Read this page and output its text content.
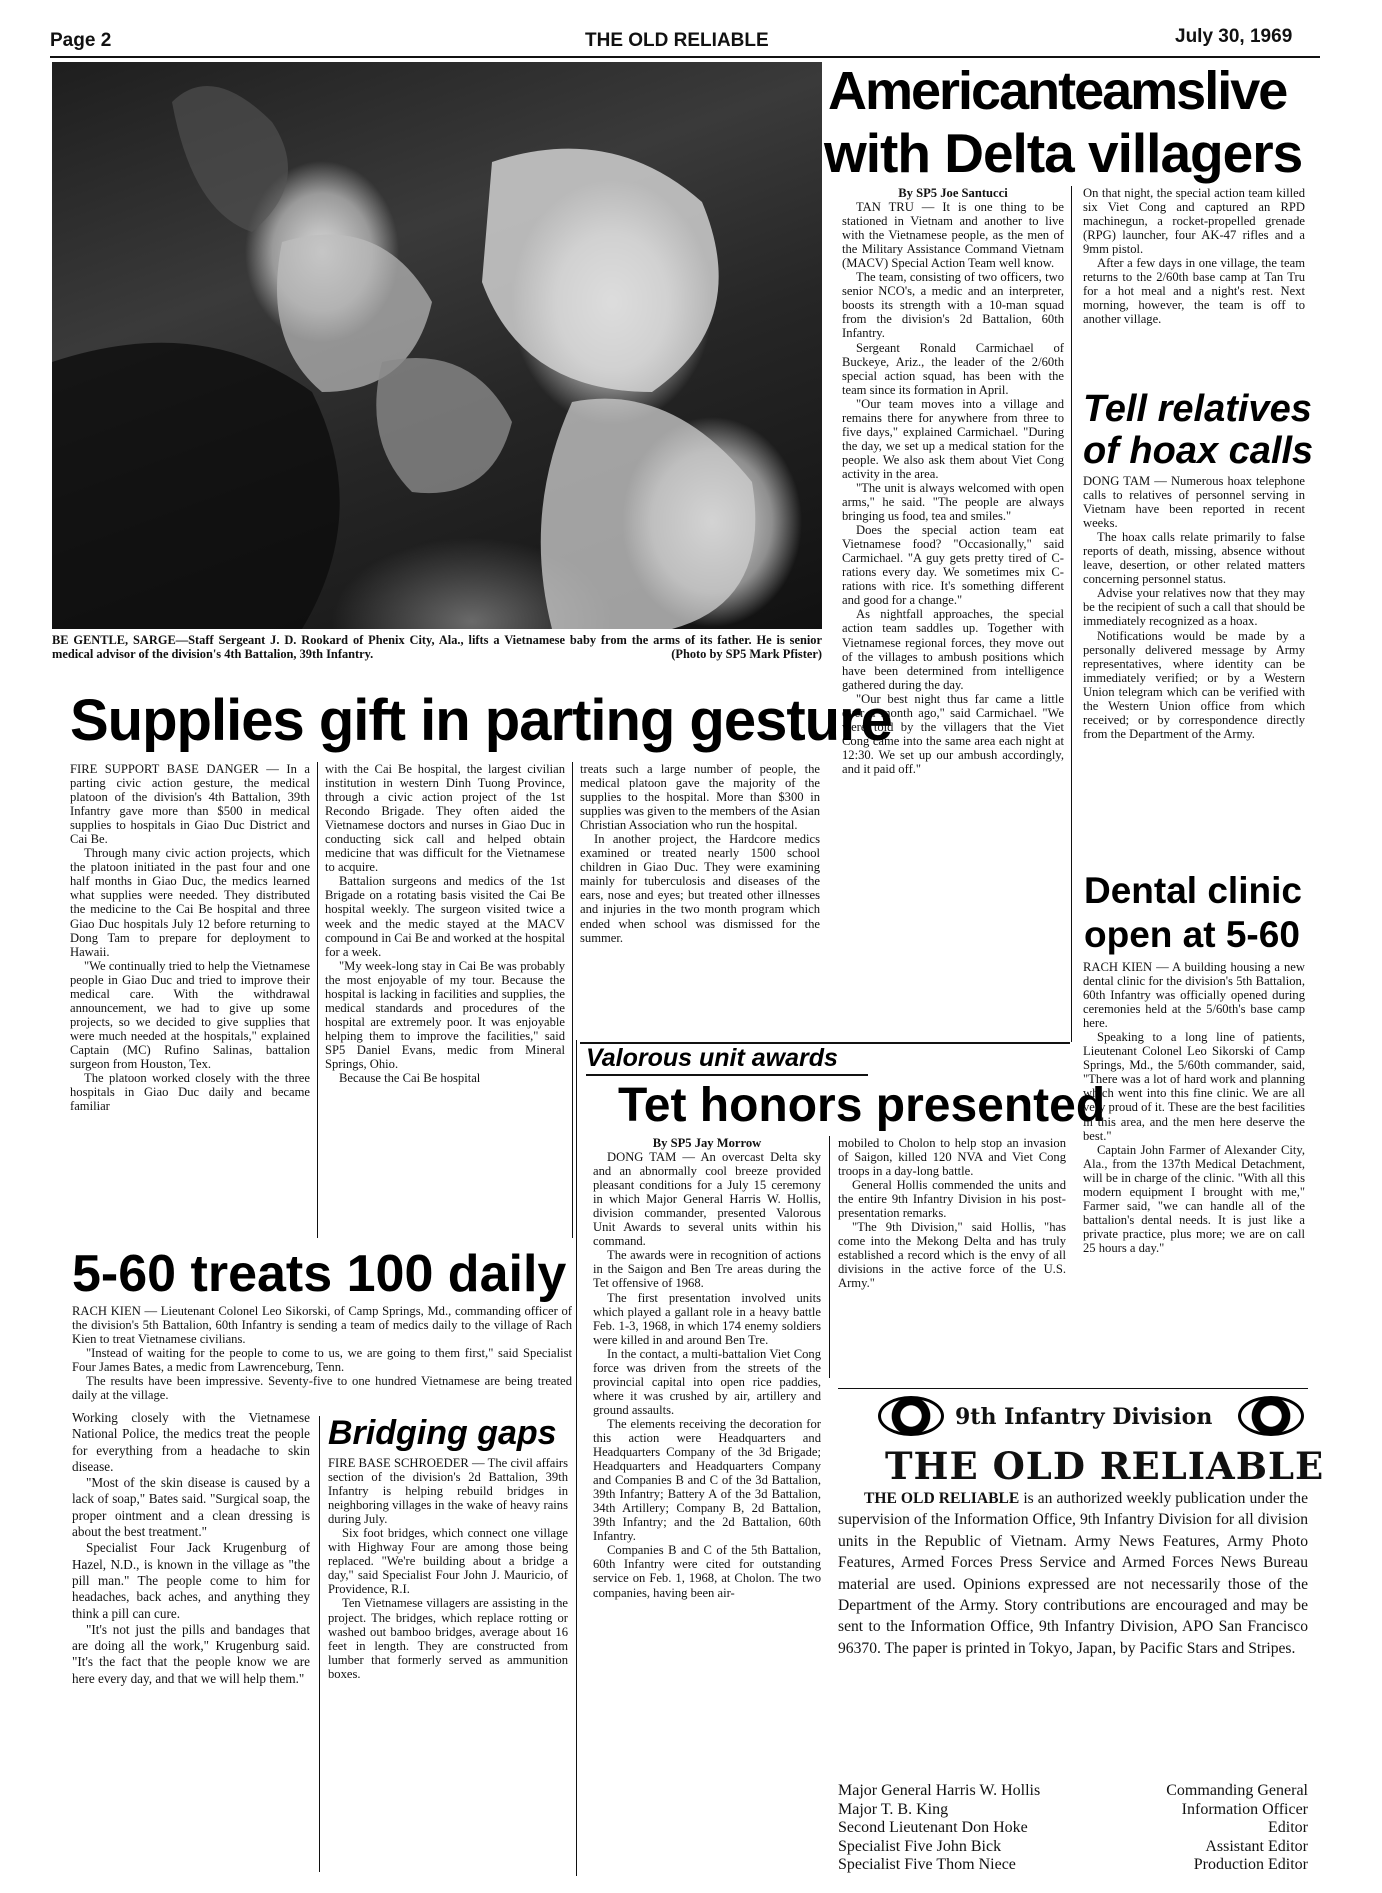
Page 2	THE OLD RELIABLE	July 30, 1969
BE GENTLE, SARGE—Staff Sergeant J. D. Rookard of Phenix City, Ala., lifts a Vietnamese baby from the arms of its father. He is senior medical advisor of the division's 4th Battalion, 39th Infantry.	(Photo by SP5 Mark Pfister)
Americanteamslive
with Delta villagers

By SP5 Joe Santucci

TAN TRU — It is one thing to be stationed in Vietnam and another to live with the Vietnamese people, as the men of the Military Assistance Command Vietnam (MACV) Special Action Team well know.

The team, consisting of two officers, two senior NCO's, a medic and an interpreter, boosts its strength with a 10-man squad from the division's 2d Battalion, 60th Infantry.

Sergeant Ronald Carmichael of Buckeye, Ariz., the leader of the 2/60th special action squad, has been with the team since its formation in April.

"Our team moves into a village and remains there for anywhere from three to five days," explained Carmichael. "During the day, we set up a medical station for the people. We also ask them about Viet Cong activity in the area.

"The unit is always welcomed with open arms," he said. "The people are always bringing us food, tea and smiles."

Does the special action team eat Vietnamese food? "Occasionally," said Carmichael. "A guy gets pretty tired of C-rations every day. We sometimes mix C-rations with rice. It's something different and good for a change."

As nightfall approaches, the special action team saddles up. Together with Vietnamese regional forces, they move out of the villages to ambush positions which have been determined from intelligence gathered during the day.

"Our best night thus far came a little over a month ago," said Carmichael. "We were told by the villagers that the Viet Cong came into the same area each night at 12:30. We set up our ambush accordingly, and it paid off."

On that night, the special action team killed six Viet Cong and captured an RPD machinegun, a rocket-propelled grenade (RPG) launcher, four AK-47 rifles and a 9mm pistol.

After a few days in one village, the team returns to the 2/60th base camp at Tan Tru for a hot meal and a night's rest. Next morning, however, the team is off to another village.

Tell relatives
of hoax calls

DONG TAM — Numerous hoax telephone calls to relatives of personnel serving in Vietnam have been reported in recent weeks.

The hoax calls relate primarily to false reports of death, missing, absence without leave, desertion, or other related matters concerning personnel status.

Advise your relatives now that they may be the recipient of such a call that should be immediately recognized as a hoax.

Notifications would be made by a personally delivered message by Army representatives, where identity can be immediately verified; or by a Western Union telegram which can be verified with the Western Union office from which received; or by correspondence directly from the Department of the Army.

Dental clinic
open at 5-60

RACH KIEN — A building housing a new dental clinic for the division's 5th Battalion, 60th Infantry was officially opened during ceremonies held at the 5/60th's base camp here.

Speaking to a long line of patients, Lieutenant Colonel Leo Sikorski of Camp Springs, Md., the 5/60th commander, said, "There was a lot of hard work and planning which went into this fine clinic. We are all very proud of it. These are the best facilities in this area, and the men here deserve the best."

Captain John Farmer of Alexander City, Ala., from the 137th Medical Detachment, will be in charge of the clinic. "With all this modern equipment I brought with me," Farmer said, "we can handle all of the battalion's dental needs. It is just like a private practice, plus more; we are on call 25 hours a day."

Supplies gift in parting gesture

FIRE SUPPORT BASE DANGER — In a parting civic action gesture, the medical platoon of the division's 4th Battalion, 39th Infantry gave more than $500 in medical supplies to hospitals in Giao Duc District and Cai Be.

Through many civic action projects, which the platoon initiated in the past four and one half months in Giao Duc, the medics learned what supplies were needed. They distributed the medicine to the Cai Be hospital and three Giao Duc hospitals July 12 before returning to Dong Tam to prepare for deployment to Hawaii.

"We continually tried to help the Vietnamese people in Giao Duc and tried to improve their medical care. With the withdrawal announcement, we had to give up some projects, so we decided to give supplies that were much needed at the hospitals," explained Captain (MC) Rufino Salinas, battalion surgeon from Houston, Tex.

The platoon worked closely with the three hospitals in Giao Duc daily and became familiar

with the Cai Be hospital, the largest civilian institution in western Dinh Tuong Province, through a civic action project of the 1st Recondo Brigade. They often aided the Vietnamese doctors and nurses in Giao Duc in conducting sick call and helped obtain medicine that was difficult for the Vietnamese to acquire.

Battalion surgeons and medics of the 1st Brigade on a rotating basis visited the Cai Be hospital weekly. The surgeon visited twice a week and the medic stayed at the MACV compound in Cai Be and worked at the hospital for a week.

"My week-long stay in Cai Be was probably the most enjoyable of my tour. Because the hospital is lacking in facilities and supplies, the medical standards and procedures of the hospital are extremely poor. It was enjoyable helping them to improve the facilities," said SP5 Daniel Evans, medic from Mineral Springs, Ohio.

Because the Cai Be hospital

treats such a large number of people, the medical platoon gave the majority of the supplies to the hospital. More than $300 in supplies was given to the members of the Asian Christian Association who run the hospital.

In another project, the Hardcore medics examined or treated nearly 1500 school children in Giao Duc. They were examining mainly for tuberculosis and diseases of the ears, nose and eyes; but treated other illnesses and injuries in the two month program which ended when school was dismissed for the summer.

Valorous unit awards
Tet honors presented

By SP5 Jay Morrow

DONG TAM — An overcast Delta sky and an abnormally cool breeze provided pleasant conditions for a July 15 ceremony in which Major General Harris W. Hollis, division commander, presented Valorous Unit Awards to several units within his command.

The awards were in recognition of actions in the Saigon and Ben Tre areas during the Tet offensive of 1968.

The first presentation involved units which played a gallant role in a heavy battle Feb. 1-3, 1968, in which 174 enemy soldiers were killed in and around Ben Tre.

In the contact, a multi-battalion Viet Cong force was driven from the streets of the provincial capital into open rice paddies, where it was crushed by air, artillery and ground assaults.

The elements receiving the decoration for this action were Headquarters and Headquarters Company of the 3d Brigade; Headquarters and Headquarters Company and Companies B and C of the 3d Battalion, 39th Infantry; Battery A of the 3d Battalion, 34th Artillery; Company B, 2d Battalion, 39th Infantry; and the 2d Battalion, 60th Infantry.

Companies B and C of the 5th Battalion, 60th Infantry were cited for outstanding service on Feb. 1, 1968, at Cholon. The two companies, having been air-

mobiled to Cholon to help stop an invasion of Saigon, killed 120 NVA and Viet Cong troops in a day-long battle.

General Hollis commended the units and the entire 9th Infantry Division in his post-presentation remarks.

"The 9th Division," said Hollis, "has come into the Mekong Delta and has truly established a record which is the envy of all divisions in the active force of the U.S. Army."

5-60 treats 100 daily

RACH KIEN — Lieutenant Colonel Leo Sikorski, of Camp Springs, Md., commanding officer of the division's 5th Battalion, 60th Infantry is sending a team of medics daily to the village of Rach Kien to treat Vietnamese civilians.

"Instead of waiting for the people to come to us, we are going to them first," said Specialist Four James Bates, a medic from Lawrenceburg, Tenn.

The results have been impressive. Seventy-five to one hundred Vietnamese are being treated daily at the village.

Working closely with the Vietnamese National Police, the medics treat the people for everything from a headache to skin disease.

"Most of the skin disease is caused by a lack of soap," Bates said. "Surgical soap, the proper ointment and a clean dressing is about the best treatment."

Specialist Four Jack Krugenburg of Hazel, N.D., is known in the village as "the pill man." The people come to him for headaches, back aches, and anything they think a pill can cure.

"It's not just the pills and bandages that are doing all the work," Krugenburg said. "It's the fact that the people know we are here every day, and that we will help them."

Bridging gaps

FIRE BASE SCHROEDER — The civil affairs section of the division's 2d Battalion, 39th Infantry is helping rebuild bridges in neighboring villages in the wake of heavy rains during July.

Six foot bridges, which connect one village with Highway Four are among those being replaced. "We're building about a bridge a day," said Specialist Four John J. Mauricio, of Providence, R.I.

Ten Vietnamese villagers are assisting in the project. The bridges, which replace rotting or washed out bamboo bridges, average about 16 feet in length. They are constructed from lumber that formerly served as ammunition boxes.

9th Infantry Division
THE OLD RELIABLE
THE OLD RELIABLE is an authorized weekly publication under the supervision of the Information Office, 9th Infantry Division for all division units in the Republic of Vietnam. Army News Features, Army Photo Features, Armed Forces Press Service and Armed Forces News Bureau material are used. Opinions expressed are not necessarily those of the Department of the Army. Story contributions are encouraged and may be sent to the Information Office, 9th Infantry Division, APO San Francisco 96370. The paper is printed in Tokyo, Japan, by Pacific Stars and Stripes.
Major General Harris W. Hollis	Commanding General
Major T. B. King	Information Officer
Second Lieutenant Don Hoke	Editor
Specialist Five John Bick	Assistant Editor
Specialist Five Thom Niece	Production Editor
